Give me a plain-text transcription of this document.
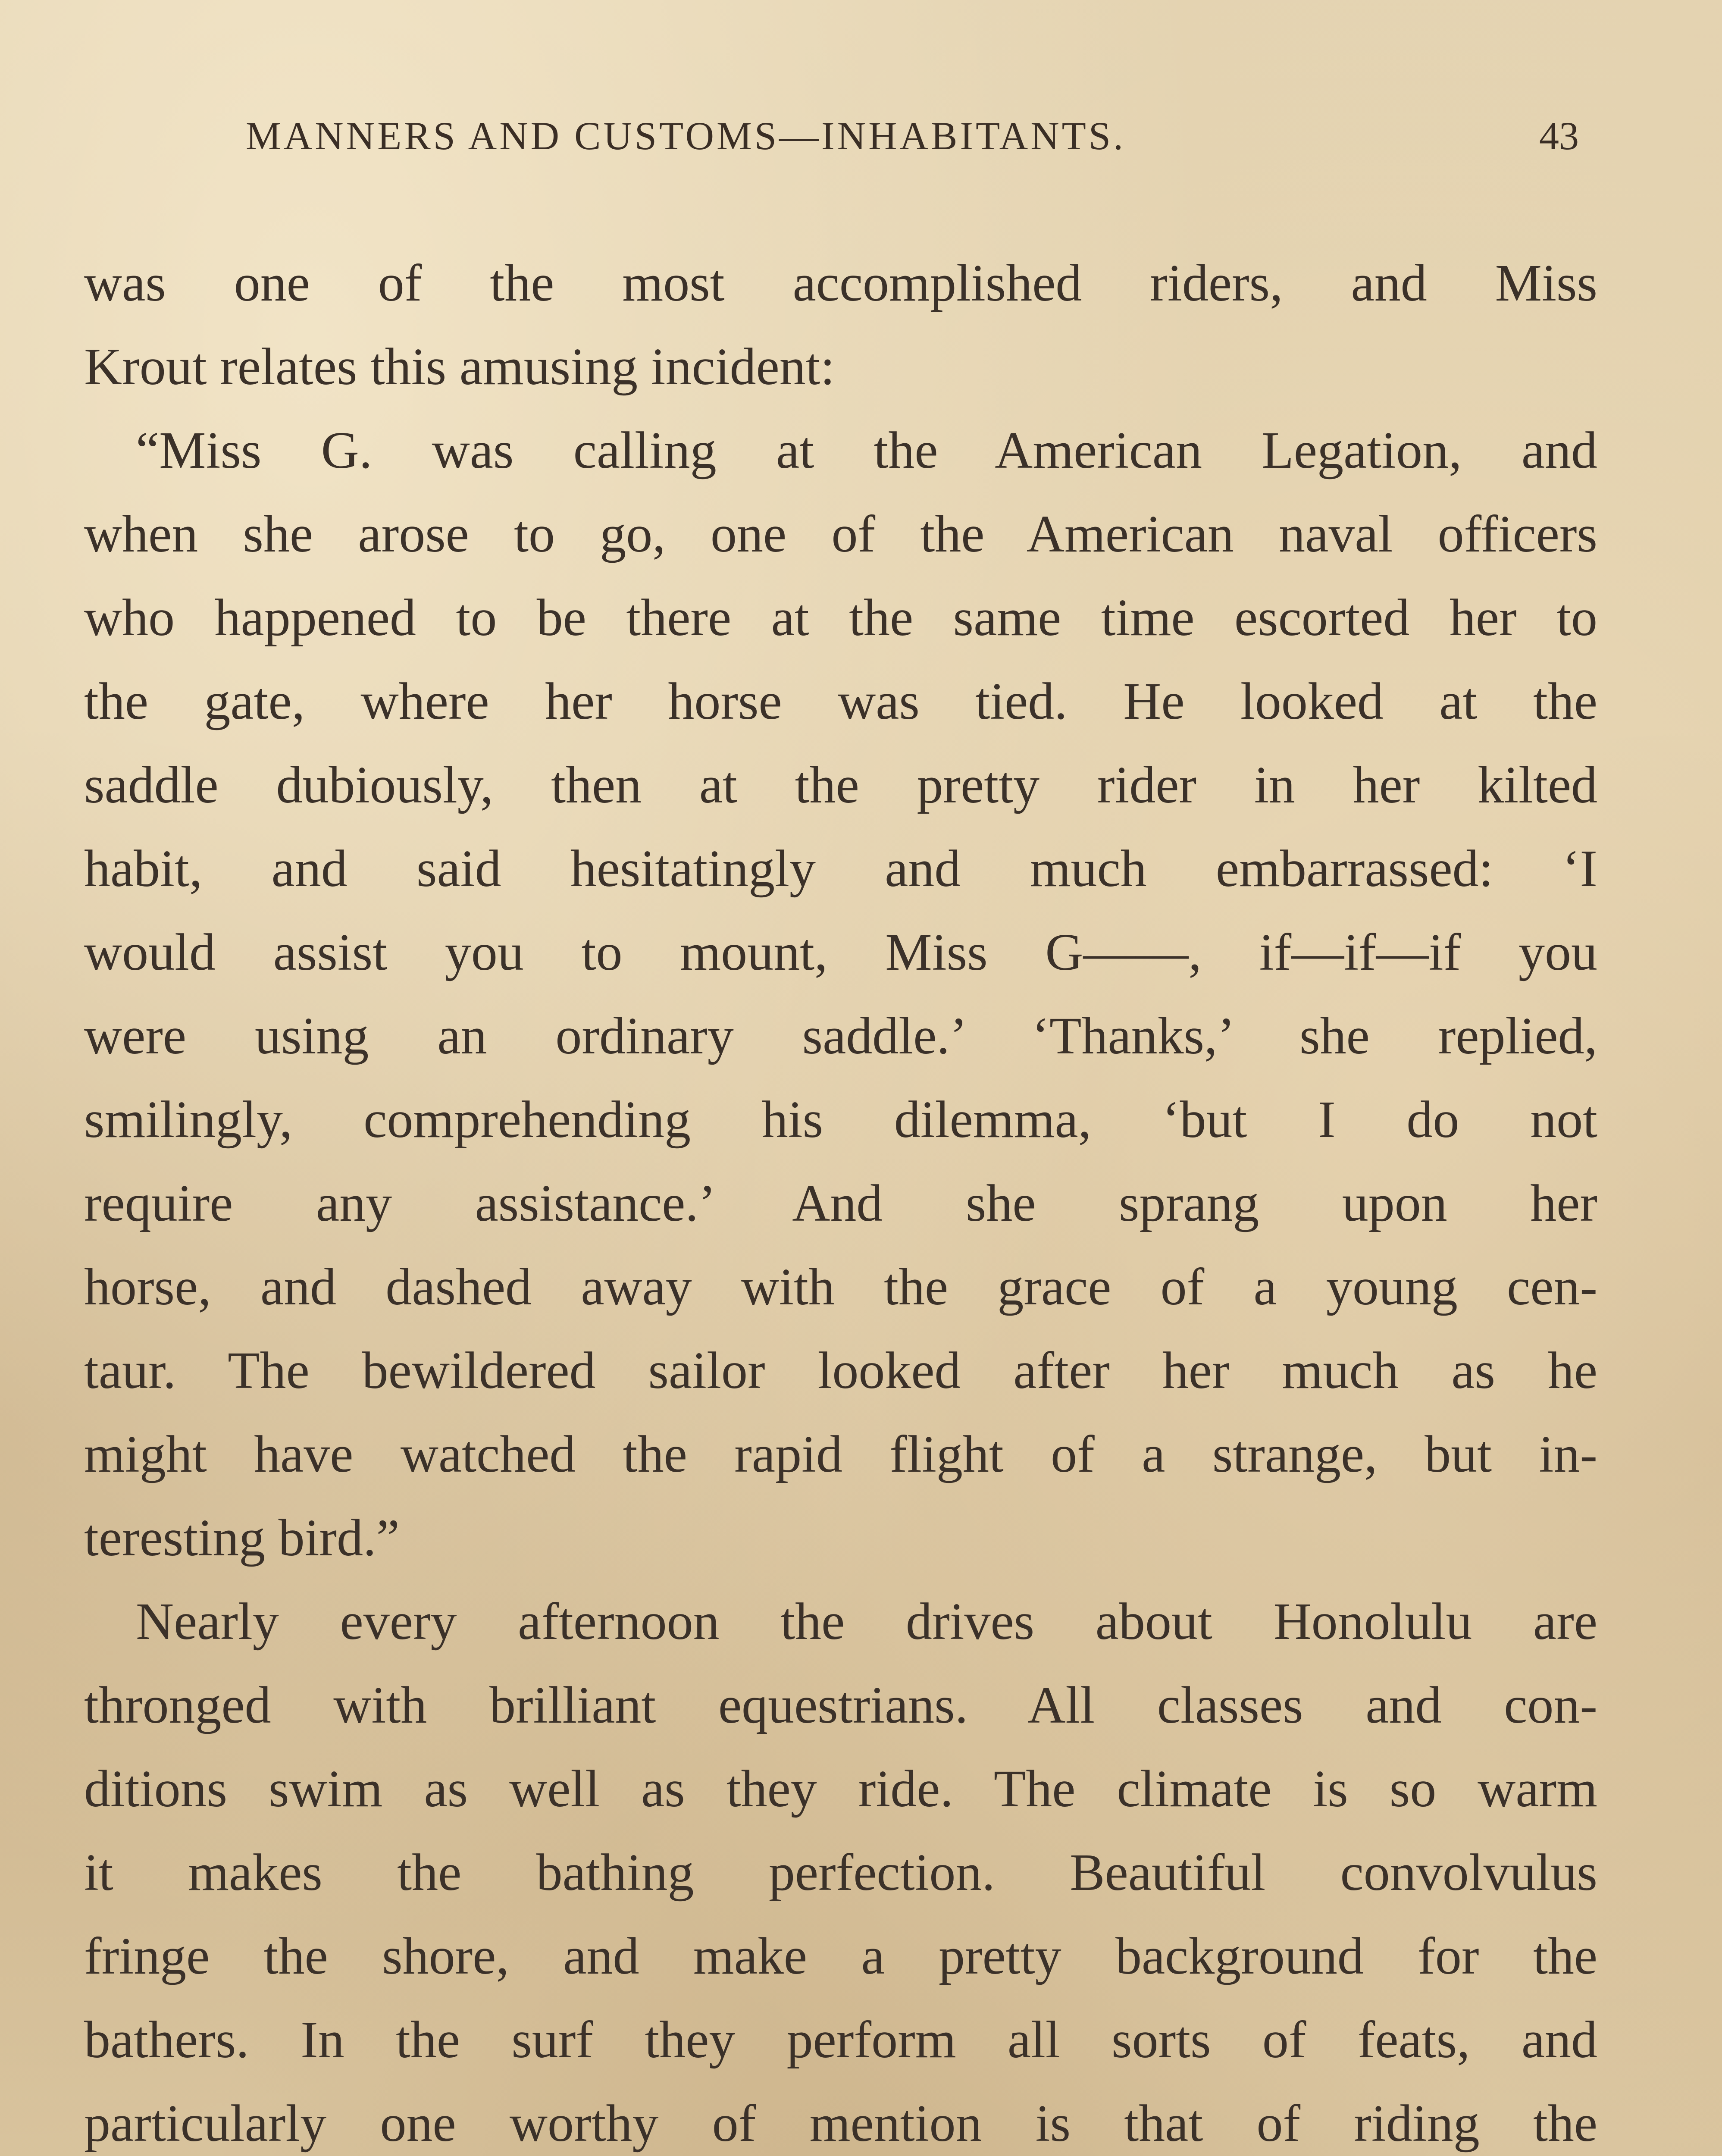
MANNERS AND CUSTOMS—INHABITANTS.	43
was one of the most accomplished riders, and Miss
Krout relates this amusing incident:
“Miss G. was calling at the American Legation, and
when she arose to go, one of the American naval officers
who happened to be there at the same time escorted her to
the gate, where her horse was tied. He looked at the
saddle dubiously, then at the pretty rider in her kilted
habit, and said hesitatingly and much embarrassed: ‘I
would assist you to mount, Miss G——, if—if—if you
were using an ordinary saddle.’ ‘Thanks,’ she replied,
smilingly, comprehending his dilemma, ‘but I do not
require any assistance.’ And she sprang upon her
horse, and dashed away with the grace of a young cen-
taur. The bewildered sailor looked after her much as he
might have watched the rapid flight of a strange, but in-
teresting bird.”
Nearly every afternoon the drives about Honolulu are
thronged with brilliant equestrians. All classes and con-
ditions swim as well as they ride. The climate is so warm
it makes the bathing perfection. Beautiful convolvulus
fringe the shore, and make a pretty background for the
bathers. In the surf they perform all sorts of feats, and
particularly one worthy of mention is that of riding the
